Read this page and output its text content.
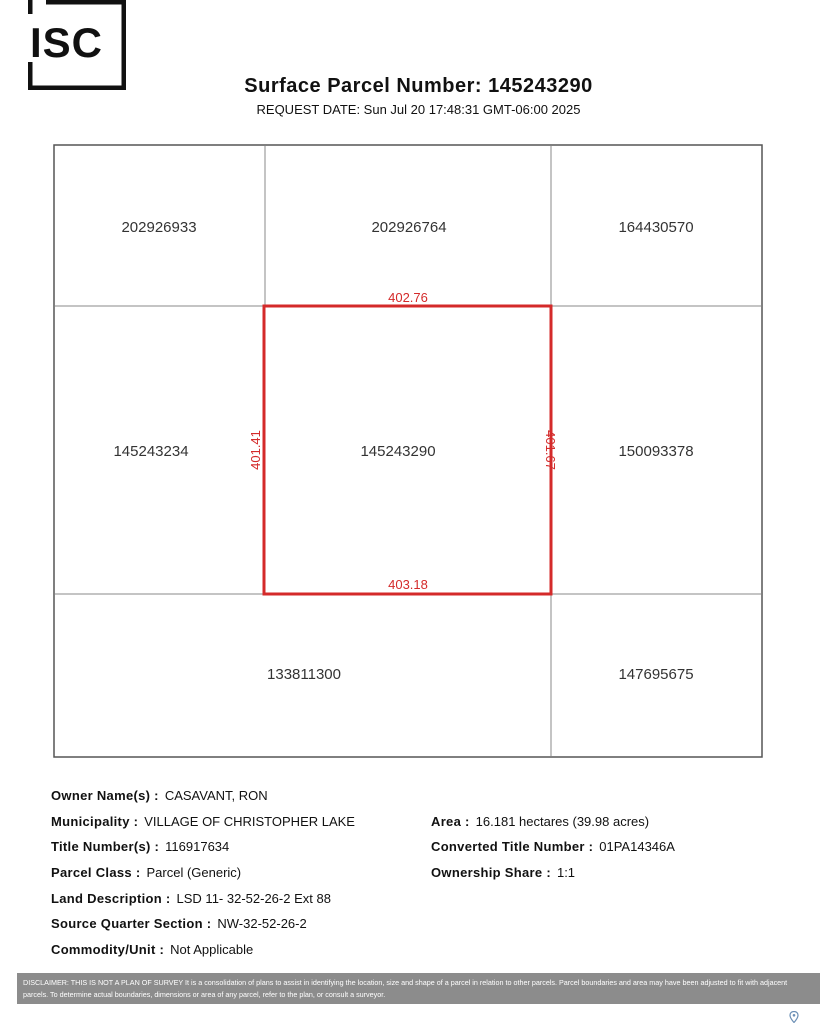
ISC
Surface Parcel Number: 145243290
REQUEST DATE: Sun Jul 20 17:48:31 GMT-06:00 2025
202926933	202926764	164430570
145243234	145243290	150093378
133811300	147695675
402.76
403.18
401.41	401.67
Owner Name(s) : CASAVANT, RON
Municipality : VILLAGE OF CHRISTOPHER LAKE
Title Number(s) : 116917634
Parcel Class : Parcel (Generic)
Land Description : LSD 11- 32-52-26-2 Ext 88
Source Quarter Section : NW-32-52-26-2
Commodity/Unit : Not Applicable
Area : 16.181 hectares (39.98 acres)
Converted Title Number : 01PA14346A
Ownership Share : 1:1
DISCLAIMER: THIS IS NOT A PLAN OF SURVEY It is a consolidation of plans to assist in identifying the location, size and shape of a parcel in relation to other parcels. Parcel boundaries and area may have been adjusted to fit with adjacent parcels. To determine actual boundaries, dimensions or area of any parcel, refer to the plan, or consult a surveyor.
